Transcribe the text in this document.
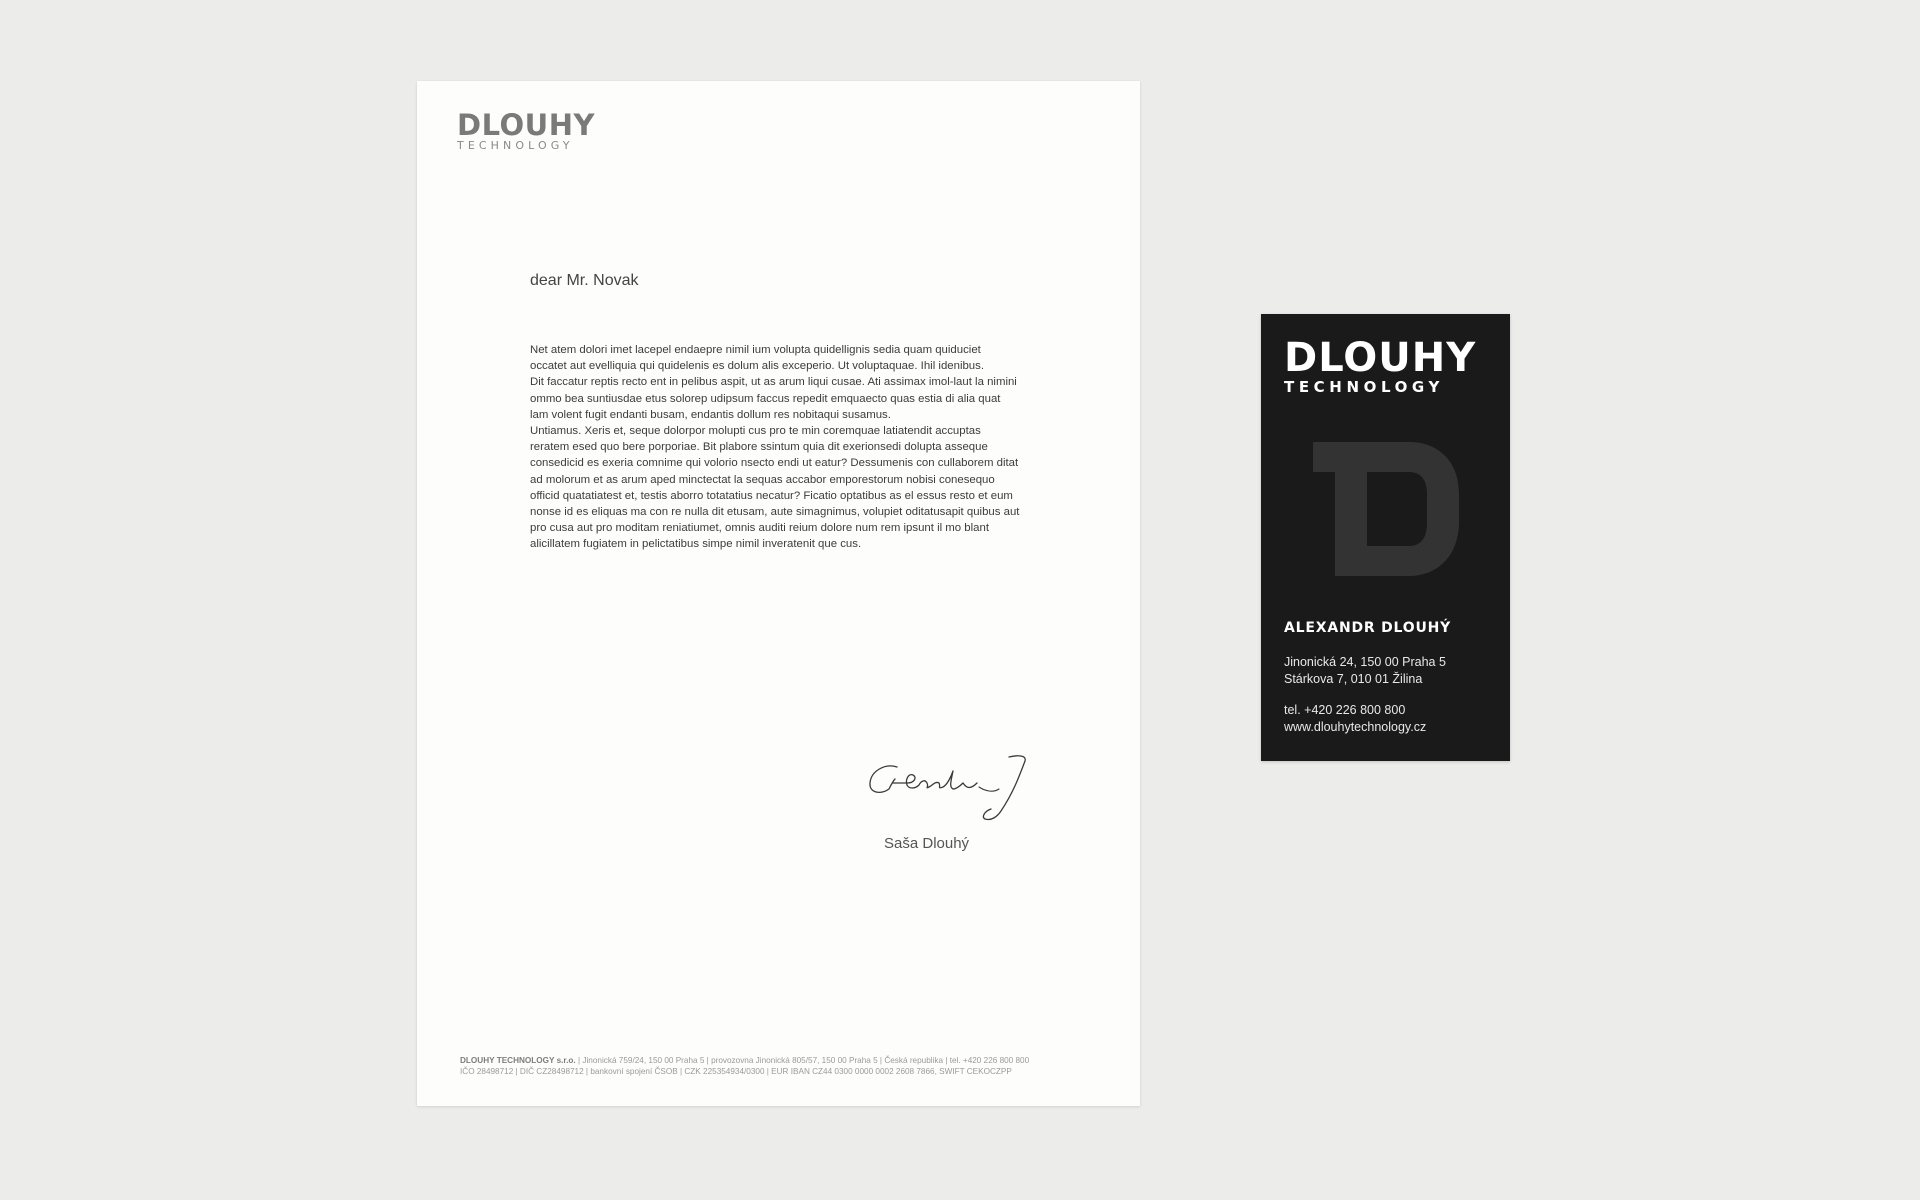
DLOUHY
TECHNOLOGY
dear Mr. Novak

Net atem dolori imet lacepel endaepre nimil ium volupta quidellignis sedia quam quiduciet occatet aut evelliquia qui quidelenis es dolum alis exceperio. Ut voluptaquae. Ihil idenibus.

Dit faccatur reptis recto ent in pelibus aspit, ut as arum liqui cusae. Ati assimax imol-laut la nimini ommo bea suntiusdae etus solorep udipsum faccus repedit emquaecto quas estia di alia quat lam volent fugit endanti busam, endantis dollum res nobitaqui susamus.

Untiamus. Xeris et, seque dolorpor molupti cus pro te min coremquae latiatendit accuptas reratem esed quo bere porporiae. Bit plabore ssintum quia dit exerionsedi dolupta asseque consedicid es exeria comnime qui volorio nsecto endi ut eatur? Dessumenis con cullaborem ditat ad molorum et as arum aped minctectat la sequas accabor emporestorum nobisi conesequo officid quatatiatest et, testis aborro totatatius necatur? Ficatio optatibus as el essus resto et eum nonse id es eliquas ma con re nulla dit etusam, aute simagnimus, volupiet oditatusapit quibus aut pro cusa aut pro moditam reniatiumet, omnis auditi reium dolore num rem ipsunt il mo blant alicillatem fugiatem in pelictatibus simpe nimil inveratenit que cus.

Saša Dlouhý
DLOUHY TECHNOLOGY s.r.o. | Jinonická 759/24, 150 00 Praha 5 | provozovna Jinonická 805/57, 150 00 Praha 5 | Česká republika | tel. +420 226 800 800
IČO 28498712 | DIČ CZ28498712 | bankovní spojení ČSOB | CZK 225354934/0300 | EUR IBAN CZ44 0300 0000 0002 2608 7866, SWIFT CEKOCZPP
DLOUHY
TECHNOLOGY
ALEXANDR DLOUHÝ
Jinonická 24, 150 00 Praha 5
Stárkova 7, 010 01 Žilina
tel. +420 226 800 800
www.dlouhytechnology.cz
